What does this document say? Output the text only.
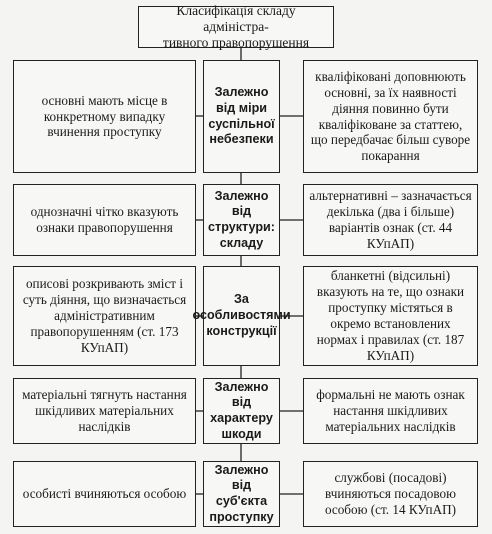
Класифікація складу адміністра-
тивного правопорушення
основні мають місце в конкретному випадку вчинення проступку
Залежно від міри суспільної небезпеки
кваліфіковані доповнюють основні, за їх наявності діяння повинно бути кваліфіковане за статтею, що передбачає більш суворе покарання
однозначні чітко вказують ознаки правопорушення
Залежно від структури: складу
альтернативні – зазначається декілька (два і більше) варіантів ознак (ст. 44 КУпАП)
описові розкривають зміст і суть діяння, що визначається адміністративним правопорушенням (ст. 173 КУпАП)
За особливостями конструкції
бланкетні (відсильні) вказують на те, що ознаки проступку містяться в окремо встановлених нормах і правилах (ст. 187 КУпАП)
матеріальні тягнуть настання шкідливих матеріальних наслідків
Залежно від характеру шкоди
формальні не мають ознак настання шкідливих матеріальних наслідків
особисті вчиняються особою
Залежно від суб'єкта проступку
службові (посадові) вчиняються посадовою особою (ст. 14 КУпАП)
